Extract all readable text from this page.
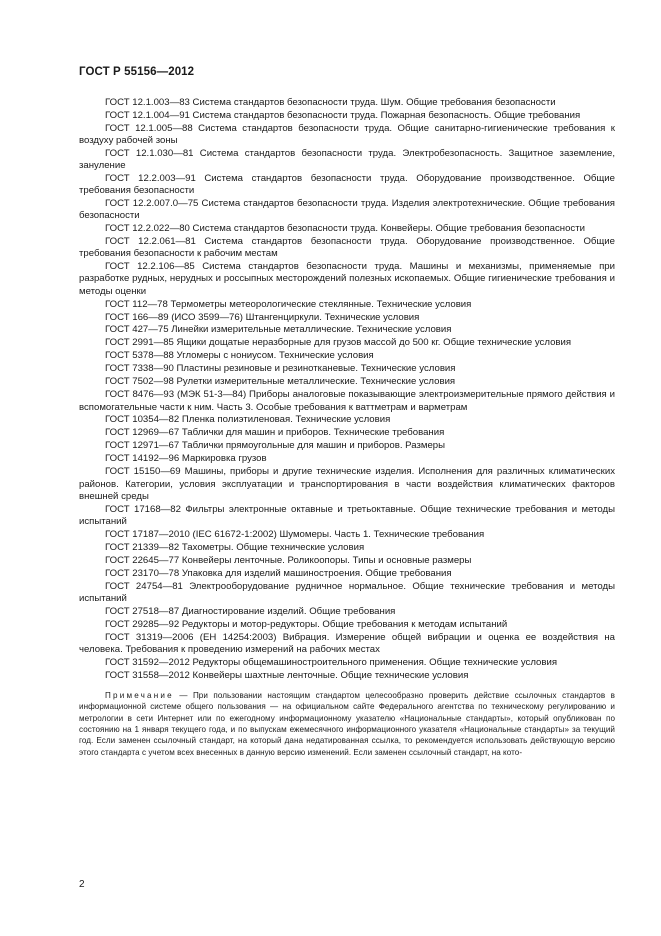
ГОСТ Р 55156—2012

ГОСТ 12.1.003—83 Система стандартов безопасности труда. Шум. Общие требования безопасности

ГОСТ 12.1.004—91 Система стандартов безопасности труда. Пожарная безопасность. Общие требования

ГОСТ 12.1.005—88 Система стандартов безопасности труда. Общие санитарно-гигиенические требования к воздуху рабочей зоны

ГОСТ 12.1.030—81 Система стандартов безопасности труда. Электробезопасность. Защитное заземление, зануление

ГОСТ 12.2.003—91 Система стандартов безопасности труда. Оборудование производственное. Общие требования безопасности

ГОСТ 12.2.007.0—75 Система стандартов безопасности труда. Изделия электротехнические. Общие требования безопасности

ГОСТ 12.2.022—80 Система стандартов безопасности труда. Конвейеры. Общие требования безопасности

ГОСТ 12.2.061—81 Система стандартов безопасности труда. Оборудование производственное. Общие требования безопасности к рабочим местам

ГОСТ 12.2.106—85 Система стандартов безопасности труда. Машины и механизмы, применяемые при разработке рудных, нерудных и россыпных месторождений полезных ископаемых. Общие гигиенические требования и методы оценки

ГОСТ 112—78 Термометры метеорологические стеклянные. Технические условия

ГОСТ 166—89 (ИСО 3599—76) Штангенциркули. Технические условия

ГОСТ 427—75 Линейки измерительные металлические. Технические условия

ГОСТ 2991—85 Ящики дощатые неразборные для грузов массой до 500 кг. Общие технические условия

ГОСТ 5378—88 Угломеры с нониусом. Технические условия

ГОСТ 7338—90 Пластины резиновые и резинотканевые. Технические условия

ГОСТ 7502—98 Рулетки измерительные металлические. Технические условия

ГОСТ 8476—93 (МЭК 51-3—84) Приборы аналоговые показывающие электроизмерительные прямого действия и вспомогательные части к ним. Часть 3. Особые требования к ваттметрам и варметрам

ГОСТ 10354—82 Пленка полиэтиленовая. Технические условия

ГОСТ 12969—67 Таблички для машин и приборов. Технические требования

ГОСТ 12971—67 Таблички прямоугольные для машин и приборов. Размеры

ГОСТ 14192—96 Маркировка грузов

ГОСТ 15150—69 Машины, приборы и другие технические изделия. Исполнения для различных климатических районов. Категории, условия эксплуатации и транспортирования в части воздействия климатических факторов внешней среды

ГОСТ 17168—82 Фильтры электронные октавные и третьоктавные. Общие технические требования и методы испытаний

ГОСТ 17187—2010 (IEC 61672-1:2002) Шумомеры. Часть 1. Технические требования

ГОСТ 21339—82 Тахометры. Общие технические условия

ГОСТ 22645—77 Конвейеры ленточные. Роликоопоры. Типы и основные размеры

ГОСТ 23170—78 Упаковка для изделий машиностроения. Общие требования

ГОСТ 24754—81 Электрооборудование рудничное нормальное. Общие технические требования и методы испытаний

ГОСТ 27518—87 Диагностирование изделий. Общие требования

ГОСТ 29285—92 Редукторы и мотор-редукторы. Общие требования к методам испытаний

ГОСТ 31319—2006 (ЕН 14254:2003) Вибрация. Измерение общей вибрации и оценка ее воздействия на человека. Требования к проведению измерений на рабочих местах

ГОСТ 31592—2012 Редукторы общемашиностроительного применения. Общие технические условия

ГОСТ 31558—2012 Конвейеры шахтные ленточные. Общие технические условия

Примечание — При пользовании настоящим стандартом целесообразно проверить действие ссылочных стандартов в информационной системе общего пользования — на официальном сайте Федерального агентства по техническому регулированию и метрологии в сети Интернет или по ежегодному информационному указателю «Национальные стандарты», который опубликован по состоянию на 1 января текущего года, и по выпускам ежемесячного информационного указателя «Национальные стандарты» за текущий год. Если заменен ссылочный стандарт, на который дана недатированная ссылка, то рекомендуется использовать действующую версию этого стандарта с учетом всех внесенных в данную версию изменений. Если заменен ссылочный стандарт, на кото-

2
